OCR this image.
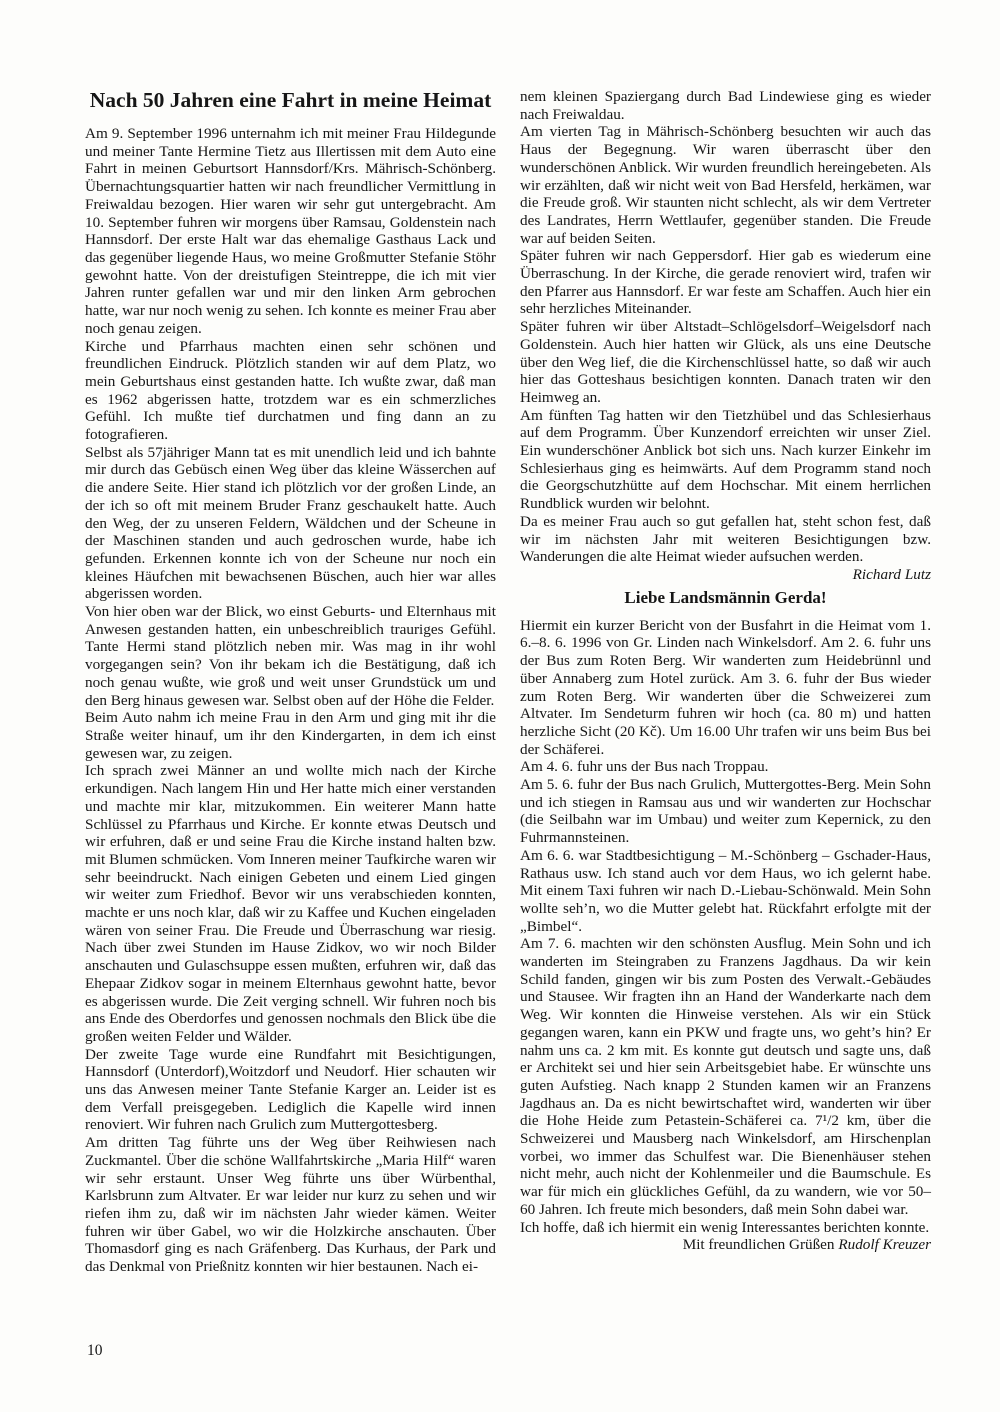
Nach 50 Jahren eine Fahrt in meine Heimat

Am 9. September 1996 unternahm ich mit meiner Frau Hildegunde und meiner Tante Hermine Tietz aus Illertissen mit dem Auto eine Fahrt in meinen Geburtsort Hannsdorf/Krs. Mährisch-Schönberg. Übernachtungsquartier hatten wir nach freundlicher Vermittlung in Freiwaldau bezogen. Hier waren wir sehr gut untergebracht. Am 10. September fuhren wir morgens über Ramsau, Goldenstein nach Hannsdorf. Der erste Halt war das ehemalige Gasthaus Lack und das gegenüber liegende Haus, wo meine Großmutter Stefanie Stöhr gewohnt hatte. Von der dreistufigen Steintreppe, die ich mit vier Jahren runter gefallen war und mir den linken Arm gebrochen hatte, war nur noch wenig zu sehen. Ich konnte es meiner Frau aber noch genau zeigen.

Kirche und Pfarrhaus machten einen sehr schönen und freundlichen Eindruck. Plötzlich standen wir auf dem Platz, wo mein Geburtshaus einst gestanden hatte. Ich wußte zwar, daß man es 1962 abgerissen hatte, trotzdem war es ein schmerzliches Gefühl. Ich mußte tief durchatmen und fing dann an zu fotografieren.

Selbst als 57jähriger Mann tat es mit unendlich leid und ich bahnte mir durch das Gebüsch einen Weg über das kleine Wässerchen auf die andere Seite. Hier stand ich plötzlich vor der großen Linde, an der ich so oft mit meinem Bruder Franz geschaukelt hatte. Auch den Weg, der zu unseren Feldern, Wäldchen und der Scheune in der Maschinen standen und auch gedroschen wurde, habe ich gefunden. Erkennen konnte ich von der Scheune nur noch ein kleines Häufchen mit bewachsenen Büschen, auch hier war alles abgerissen worden.

Von hier oben war der Blick, wo einst Geburts- und Elternhaus mit Anwesen gestanden hatten, ein unbeschreiblich trauriges Gefühl. Tante Hermi stand plötzlich neben mir. Was mag in ihr wohl vorgegangen sein? Von ihr bekam ich die Bestätigung, daß ich noch genau wußte, wie groß und weit unser Grundstück um und den Berg hinaus gewesen war. Selbst oben auf der Höhe die Felder.

Beim Auto nahm ich meine Frau in den Arm und ging mit ihr die Straße weiter hinauf, um ihr den Kindergarten, in dem ich einst gewesen war, zu zeigen.

Ich sprach zwei Männer an und wollte mich nach der Kirche erkundigen. Nach langem Hin und Her hatte mich einer verstanden und machte mir klar, mitzukommen. Ein weiterer Mann hatte Schlüssel zu Pfarrhaus und Kirche. Er konnte etwas Deutsch und wir erfuhren, daß er und seine Frau die Kirche instand halten bzw. mit Blumen schmücken. Vom Inneren meiner Taufkirche waren wir sehr beeindruckt. Nach einigen Gebeten und einem Lied gingen wir weiter zum Friedhof. Bevor wir uns verabschieden konnten, machte er uns noch klar, daß wir zu Kaffee und Kuchen eingeladen wären von seiner Frau. Die Freude und Überraschung war riesig. Nach über zwei Stunden im Hause Zidkov, wo wir noch Bilder anschauten und Gulaschsuppe essen mußten, erfuhren wir, daß das Ehepaar Zidkov sogar in meinem Elternhaus gewohnt hatte, bevor es abgerissen wurde. Die Zeit verging schnell. Wir fuhren noch bis ans Ende des Oberdorfes und genossen nochmals den Blick übe die großen weiten Felder und Wälder.

Der zweite Tage wurde eine Rundfahrt mit Besichtigungen, Hannsdorf (Unterdorf),Woitzdorf und Neudorf. Hier schauten wir uns das Anwesen meiner Tante Stefanie Karger an. Leider ist es dem Verfall preisgegeben. Lediglich die Kapelle wird innen renoviert. Wir fuhren nach Grulich zum Muttergottesberg.

Am dritten Tag führte uns der Weg über Reihwiesen nach Zuckmantel. Über die schöne Wallfahrtskirche „Maria Hilf“ waren wir sehr erstaunt. Unser Weg führte uns über Würbenthal, Karlsbrunn zum Altvater. Er war leider nur kurz zu sehen und wir riefen ihm zu, daß wir im nächsten Jahr wieder kämen. Weiter fuhren wir über Gabel, wo wir die Holzkirche anschauten. Über Thomasdorf ging es nach Gräfenberg. Das Kurhaus, der Park und das Denkmal von Prießnitz konnten wir hier bestaunen. Nach ei-

nem kleinen Spaziergang durch Bad Lindewiese ging es wieder nach Freiwaldau.

Am vierten Tag in Mährisch-Schönberg besuchten wir auch das Haus der Begegnung. Wir waren überrascht über den wunderschönen Anblick. Wir wurden freundlich hereingebeten. Als wir erzählten, daß wir nicht weit von Bad Hersfeld, herkämen, war die Freude groß. Wir staunten nicht schlecht, als wir dem Vertreter des Landrates, Herrn Wettlaufer, gegenüber standen. Die Freude war auf beiden Seiten.

Später fuhren wir nach Geppersdorf. Hier gab es wiederum eine Überraschung. In der Kirche, die gerade renoviert wird, trafen wir den Pfarrer aus Hannsdorf. Er war feste am Schaffen. Auch hier ein sehr herzliches Miteinander.

Später fuhren wir über Altstadt–Schlögelsdorf–Weigelsdorf nach Goldenstein. Auch hier hatten wir Glück, als uns eine Deutsche über den Weg lief, die die Kirchenschlüssel hatte, so daß wir auch hier das Gotteshaus besichtigen konnten. Danach traten wir den Heimweg an.

Am fünften Tag hatten wir den Tietzhübel und das Schlesierhaus auf dem Programm. Über Kunzendorf erreichten wir unser Ziel. Ein wunderschöner Anblick bot sich uns. Nach kurzer Einkehr im Schlesierhaus ging es heimwärts. Auf dem Programm stand noch die Georgschutzhütte auf dem Hochschar. Mit einem herrlichen Rundblick wurden wir belohnt.

Da es meiner Frau auch so gut gefallen hat, steht schon fest, daß wir im nächsten Jahr mit weiteren Besichtigungen bzw. Wanderungen die alte Heimat wieder aufsuchen werden.
Richard Lutz

Liebe Landsmännin Gerda!

Hiermit ein kurzer Bericht von der Busfahrt in die Heimat vom 1. 6.–8. 6. 1996 von Gr. Linden nach Winkelsdorf. Am 2. 6. fuhr uns der Bus zum Roten Berg. Wir wanderten zum Heidebrünnl und über Annaberg zum Hotel zurück. Am 3. 6. fuhr der Bus wieder zum Roten Berg. Wir wanderten über die Schweizerei zum Altvater. Im Sendeturm fuhren wir hoch (ca. 80 m) und hatten herzliche Sicht (20 Kč). Um 16.00 Uhr trafen wir uns beim Bus bei der Schäferei.

Am 4. 6. fuhr uns der Bus nach Troppau.

Am 5. 6. fuhr der Bus nach Grulich, Muttergottes-Berg. Mein Sohn und ich stiegen in Ramsau aus und wir wanderten zur Hochschar (die Seilbahn war im Umbau) und weiter zum Kepernick, zu den Fuhrmannsteinen.

Am 6. 6. war Stadtbesichtigung – M.-Schönberg – Gschader-Haus, Rathaus usw. Ich stand auch vor dem Haus, wo ich gelernt habe. Mit einem Taxi fuhren wir nach D.-Liebau-Schönwald. Mein Sohn wollte seh’n, wo die Mutter gelebt hat. Rückfahrt erfolgte mit der „Bimbel“.

Am 7. 6. machten wir den schönsten Ausflug. Mein Sohn und ich wanderten im Steingraben zu Franzens Jagdhaus. Da wir kein Schild fanden, gingen wir bis zum Posten des Verwalt.-Gebäudes und Stausee. Wir fragten ihn an Hand der Wanderkarte nach dem Weg. Wir konnten die Hinweise verstehen. Als wir ein Stück gegangen waren, kann ein PKW und fragte uns, wo geht’s hin? Er nahm uns ca. 2 km mit. Es konnte gut deutsch und sagte uns, daß er Architekt sei und hier sein Arbeitsgebiet habe. Er wünschte uns guten Aufstieg. Nach knapp 2 Stunden kamen wir an Franzens Jagdhaus an. Da es nicht bewirtschaftet wird, wanderten wir über die Hohe Heide zum Petastein-Schäferei ca. 7¹/2 km, über die Schweizerei und Mausberg nach Winkelsdorf, am Hirschenplan vorbei, wo immer das Schulfest war. Die Bienenhäuser stehen nicht mehr, auch nicht der Kohlenmeiler und die Baumschule. Es war für mich ein glückliches Gefühl, da zu wandern, wie vor 50–60 Jahren. Ich freute mich besonders, daß mein Sohn dabei war.

Ich hoffe, daß ich hiermit ein wenig Interessantes berichten konnte.
Mit freundlichen Grüßen Rudolf Kreuzer

10
